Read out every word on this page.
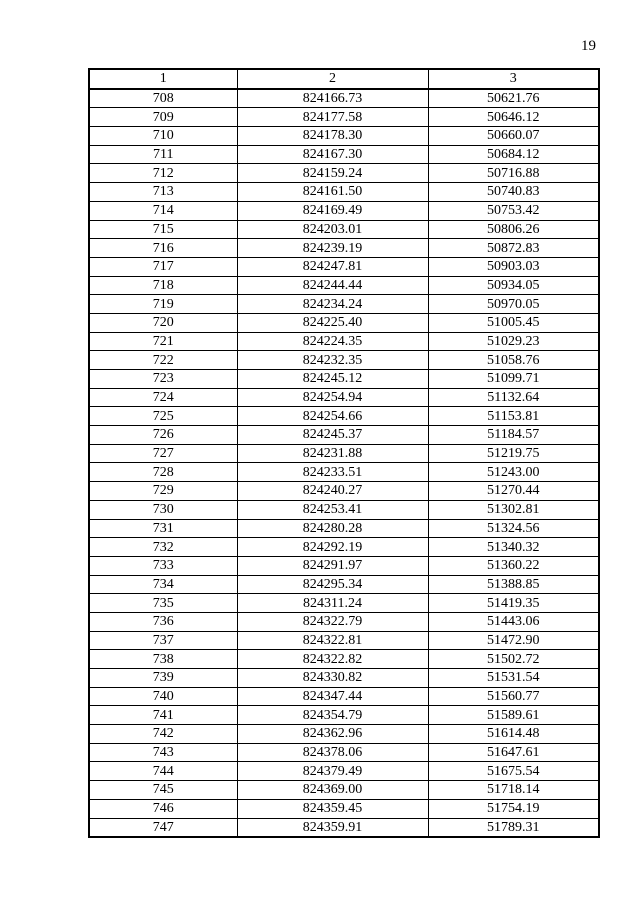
19
1	2	3
708	824166.73	50621.76
709	824177.58	50646.12
710	824178.30	50660.07
711	824167.30	50684.12
712	824159.24	50716.88
713	824161.50	50740.83
714	824169.49	50753.42
715	824203.01	50806.26
716	824239.19	50872.83
717	824247.81	50903.03
718	824244.44	50934.05
719	824234.24	50970.05
720	824225.40	51005.45
721	824224.35	51029.23
722	824232.35	51058.76
723	824245.12	51099.71
724	824254.94	51132.64
725	824254.66	51153.81
726	824245.37	51184.57
727	824231.88	51219.75
728	824233.51	51243.00
729	824240.27	51270.44
730	824253.41	51302.81
731	824280.28	51324.56
732	824292.19	51340.32
733	824291.97	51360.22
734	824295.34	51388.85
735	824311.24	51419.35
736	824322.79	51443.06
737	824322.81	51472.90
738	824322.82	51502.72
739	824330.82	51531.54
740	824347.44	51560.77
741	824354.79	51589.61
742	824362.96	51614.48
743	824378.06	51647.61
744	824379.49	51675.54
745	824369.00	51718.14
746	824359.45	51754.19
747	824359.91	51789.31
